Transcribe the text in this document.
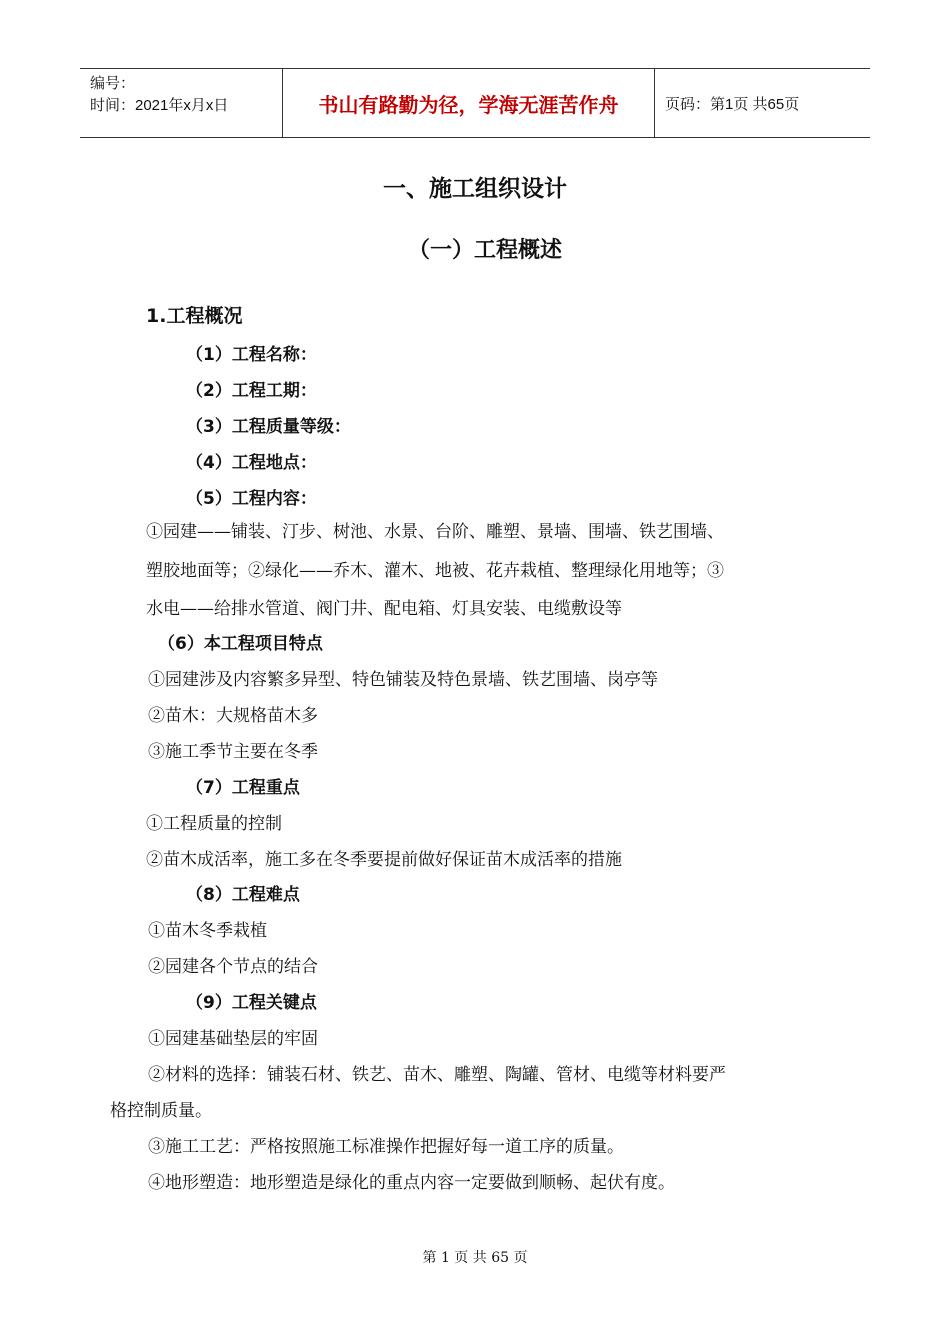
编号：
时间：2021年x月x日	书山有路勤为径，学海无涯苦作舟	页码：第1页 共65页
一、施工组织设计
（一）工程概述
1.工程概况
（1）工程名称：
（2）工程工期：
（3）工程质量等级：
（4）工程地点：
（5）工程内容：
①园建——铺装、汀步、树池、水景、台阶、雕塑、景墙、围墙、铁艺围墙、
塑胶地面等；②绿化——乔木、灌木、地被、花卉栽植、整理绿化用地等；③
水电——给排水管道、阀门井、配电箱、灯具安装、电缆敷设等
（6）本工程项目特点
①园建涉及内容繁多异型、特色铺装及特色景墙、铁艺围墙、岗亭等
②苗木：大规格苗木多
③施工季节主要在冬季
（7）工程重点
①工程质量的控制
②苗木成活率，施工多在冬季要提前做好保证苗木成活率的措施
（8）工程难点
①苗木冬季栽植
②园建各个节点的结合
（9）工程关键点
①园建基础垫层的牢固
②材料的选择：铺装石材、铁艺、苗木、雕塑、陶罐、管材、电缆等材料要严
格控制质量。
③施工工艺：严格按照施工标准操作把握好每一道工序的质量。
④地形塑造：地形塑造是绿化的重点内容一定要做到顺畅、起伏有度。
第 1 页 共 65 页
